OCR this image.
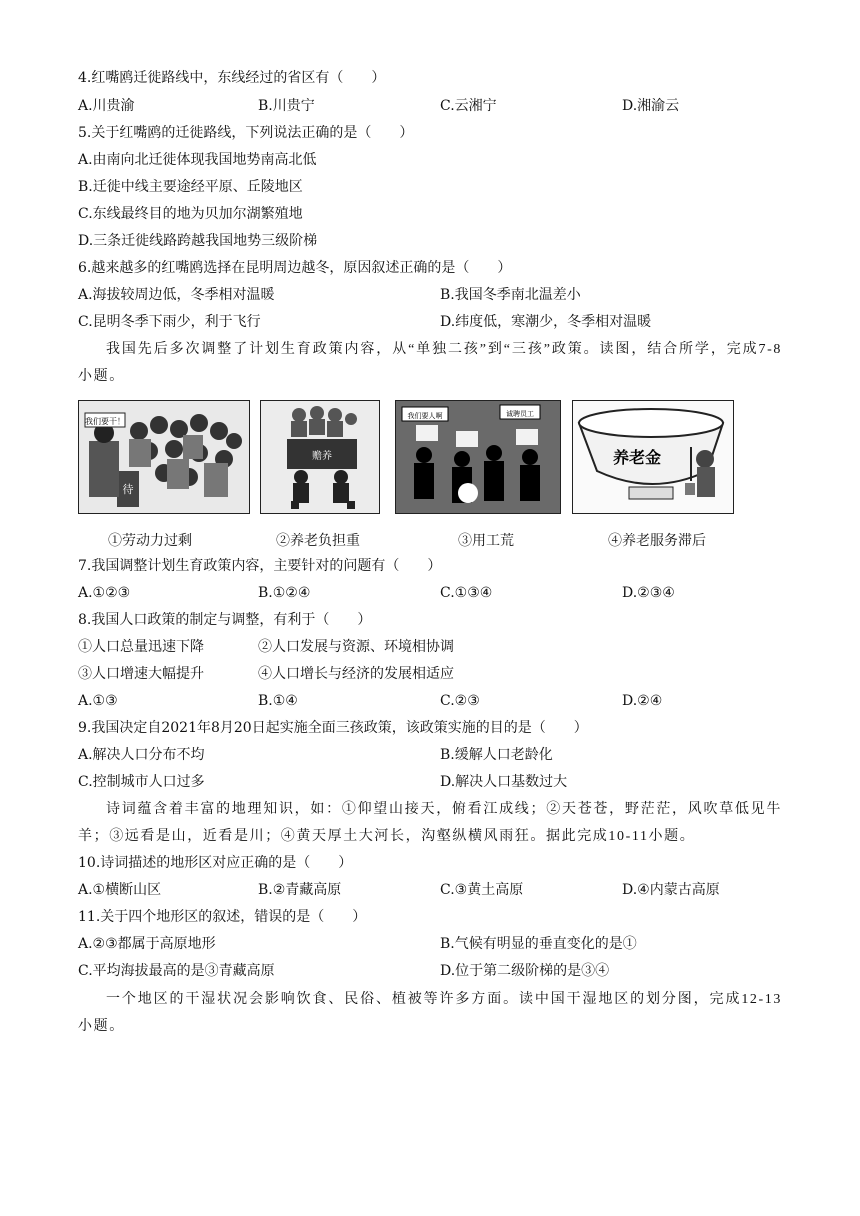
4.红嘴鸥迁徙路线中，东线经过的省区有（　　）
A.川贵渝	B.川贵宁	C.云湘宁	D.湘渝云
5.关于红嘴鸥的迁徙路线，下列说法正确的是（　　）
A.由南向北迁徙体现我国地势南高北低
B.迁徙中线主要途经平原、丘陵地区
C.东线最终目的地为贝加尔湖繁殖地
D.三条迁徙线路跨越我国地势三级阶梯
6.越来越多的红嘴鸥选择在昆明周边越冬，原因叙述正确的是（　　）
A.海拔较周边低，冬季相对温暖	B.我国冬季南北温差小
C.昆明冬季下雨少，利于飞行	D.纬度低，寒潮少，冬季相对温暖
我国先后多次调整了计划生育政策内容，从“单独二孩”到“三孩”政策。读图，结合所学，完成7-8小题。
我们要干！
待
赡养
我们要人啊	诚聘员工
养老金
①劳动力过剩	②养老负担重	③用工荒	④养老服务滞后
7.我国调整计划生育政策内容，主要针对的问题有（　　）
A.①②③	B.①②④	C.①③④	D.②③④
8.我国人口政策的制定与调整，有利于（　　）
①人口总量迅速下降	②人口发展与资源、环境相协调
③人口增速大幅提升	④人口增长与经济的发展相适应
A.①③	B.①④	C.②③	D.②④
9.我国决定自2021年8月20日起实施全面三孩政策，该政策实施的目的是（　　）
A.解决人口分布不均	B.缓解人口老龄化
C.控制城市人口过多	D.解决人口基数过大
诗词蕴含着丰富的地理知识，如：①仰望山接天，俯看江成线；②天苍苍，野茫茫，风吹草低见牛羊；③远看是山，近看是川；④黄天厚土大河长，沟壑纵横风雨狂。据此完成10-11小题。
10.诗词描述的地形区对应正确的是（　　）
A.①横断山区	B.②青藏高原	C.③黄土高原	D.④内蒙古高原
11.关于四个地形区的叙述，错误的是（　　）
A.②③都属于高原地形	B.气候有明显的垂直变化的是①
C.平均海拔最高的是③青藏高原	D.位于第二级阶梯的是③④
一个地区的干湿状况会影响饮食、民俗、植被等许多方面。读中国干湿地区的划分图，完成12-13小题。
